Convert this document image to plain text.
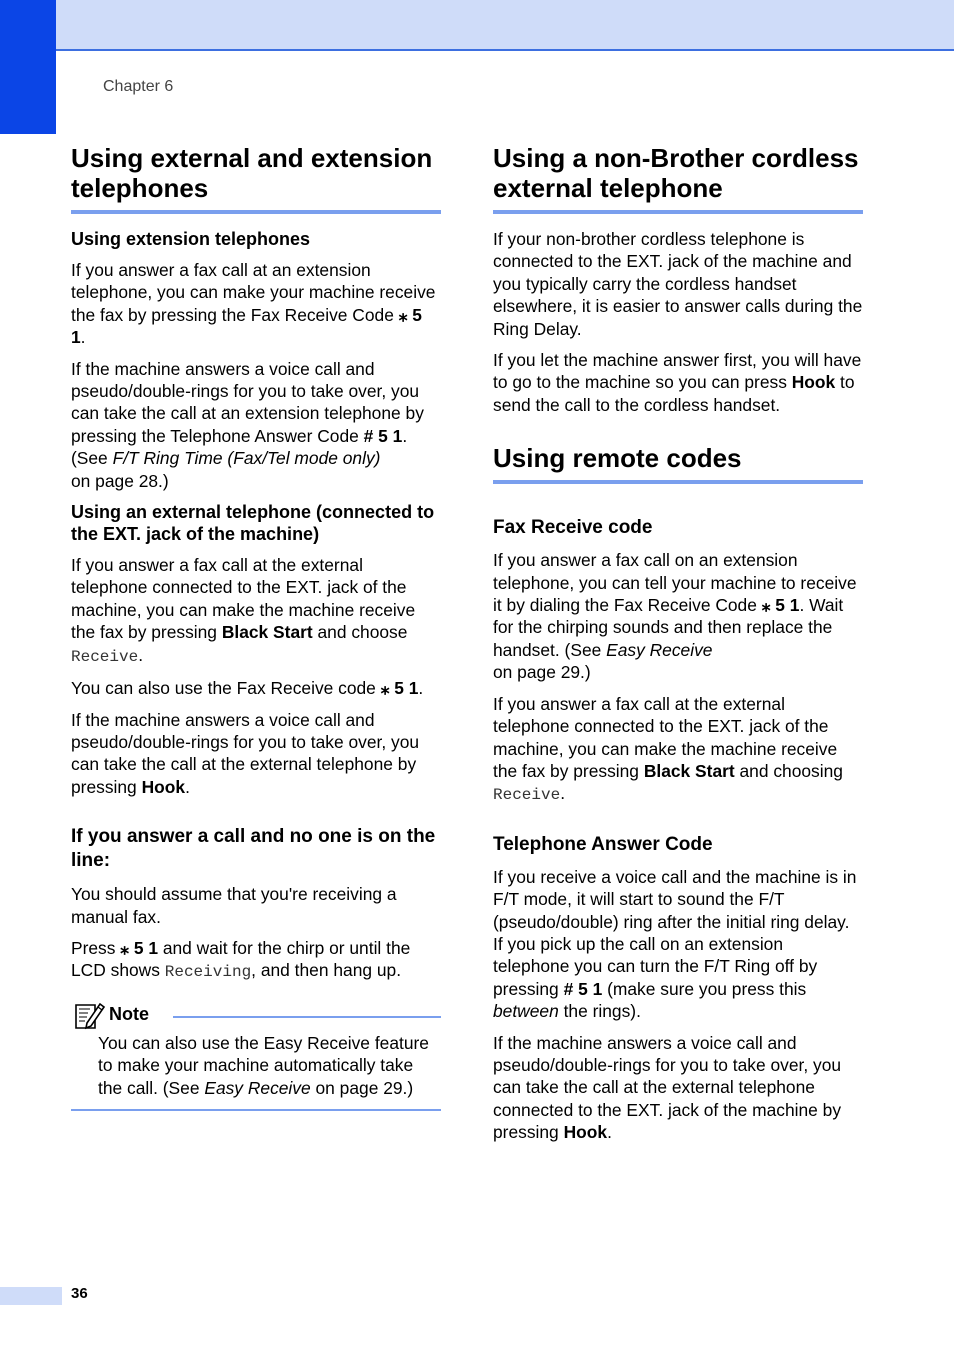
Chapter 6
Using external and extension telephones
Using extension telephones

If you answer a fax call at an extension telephone, you can make your machine receive the fax by pressing the Fax Receive Code ⁎ 5 1.

If the machine answers a voice call and pseudo/double-rings for you to take over, you can take the call at an extension telephone by pressing the Telephone Answer Code # 5 1. (See F/T Ring Time (Fax/Tel mode only)
on page 28.)

Using an external telephone (connected to the EXT. jack of the machine)

If you answer a fax call at the external telephone connected to the EXT. jack of the machine, you can make the machine receive the fax by pressing Black Start and choose Receive.

You can also use the Fax Receive code ⁎ 5 1.

If the machine answers a voice call and pseudo/double-rings for you to take over, you can take the call at the external telephone by pressing Hook.

If you answer a call and no one is on the line:

You should assume that you're receiving a manual fax.

Press ⁎ 5 1 and wait for the chirp or until the LCD shows Receiving, and then hang up.

Note

You can also use the Easy Receive feature to make your machine automatically take the call. (See Easy Receive on page 29.)

Using a non-Brother cordless external telephone

If your non-brother cordless telephone is connected to the EXT. jack of the machine and you typically carry the cordless handset elsewhere, it is easier to answer calls during the Ring Delay.

If you let the machine answer first, you will have to go to the machine so you can press Hook to send the call to the cordless handset.

Using remote codes
Fax Receive code

If you answer a fax call on an extension telephone, you can tell your machine to receive it by dialing the Fax Receive Code ⁎ 5 1. Wait for the chirping sounds and then replace the handset. (See Easy Receive
on page 29.)

If you answer a fax call at the external telephone connected to the EXT. jack of the machine, you can make the machine receive the fax by pressing Black Start and choosing Receive.

Telephone Answer Code

If you receive a voice call and the machine is in F/T mode, it will start to sound the F/T (pseudo/double) ring after the initial ring delay. If you pick up the call on an extension telephone you can turn the F/T Ring off by pressing # 5 1 (make sure you press this between the rings).

If the machine answers a voice call and pseudo/double-rings for you to take over, you can take the call at the external telephone connected to the EXT. jack of the machine by pressing Hook.

36
